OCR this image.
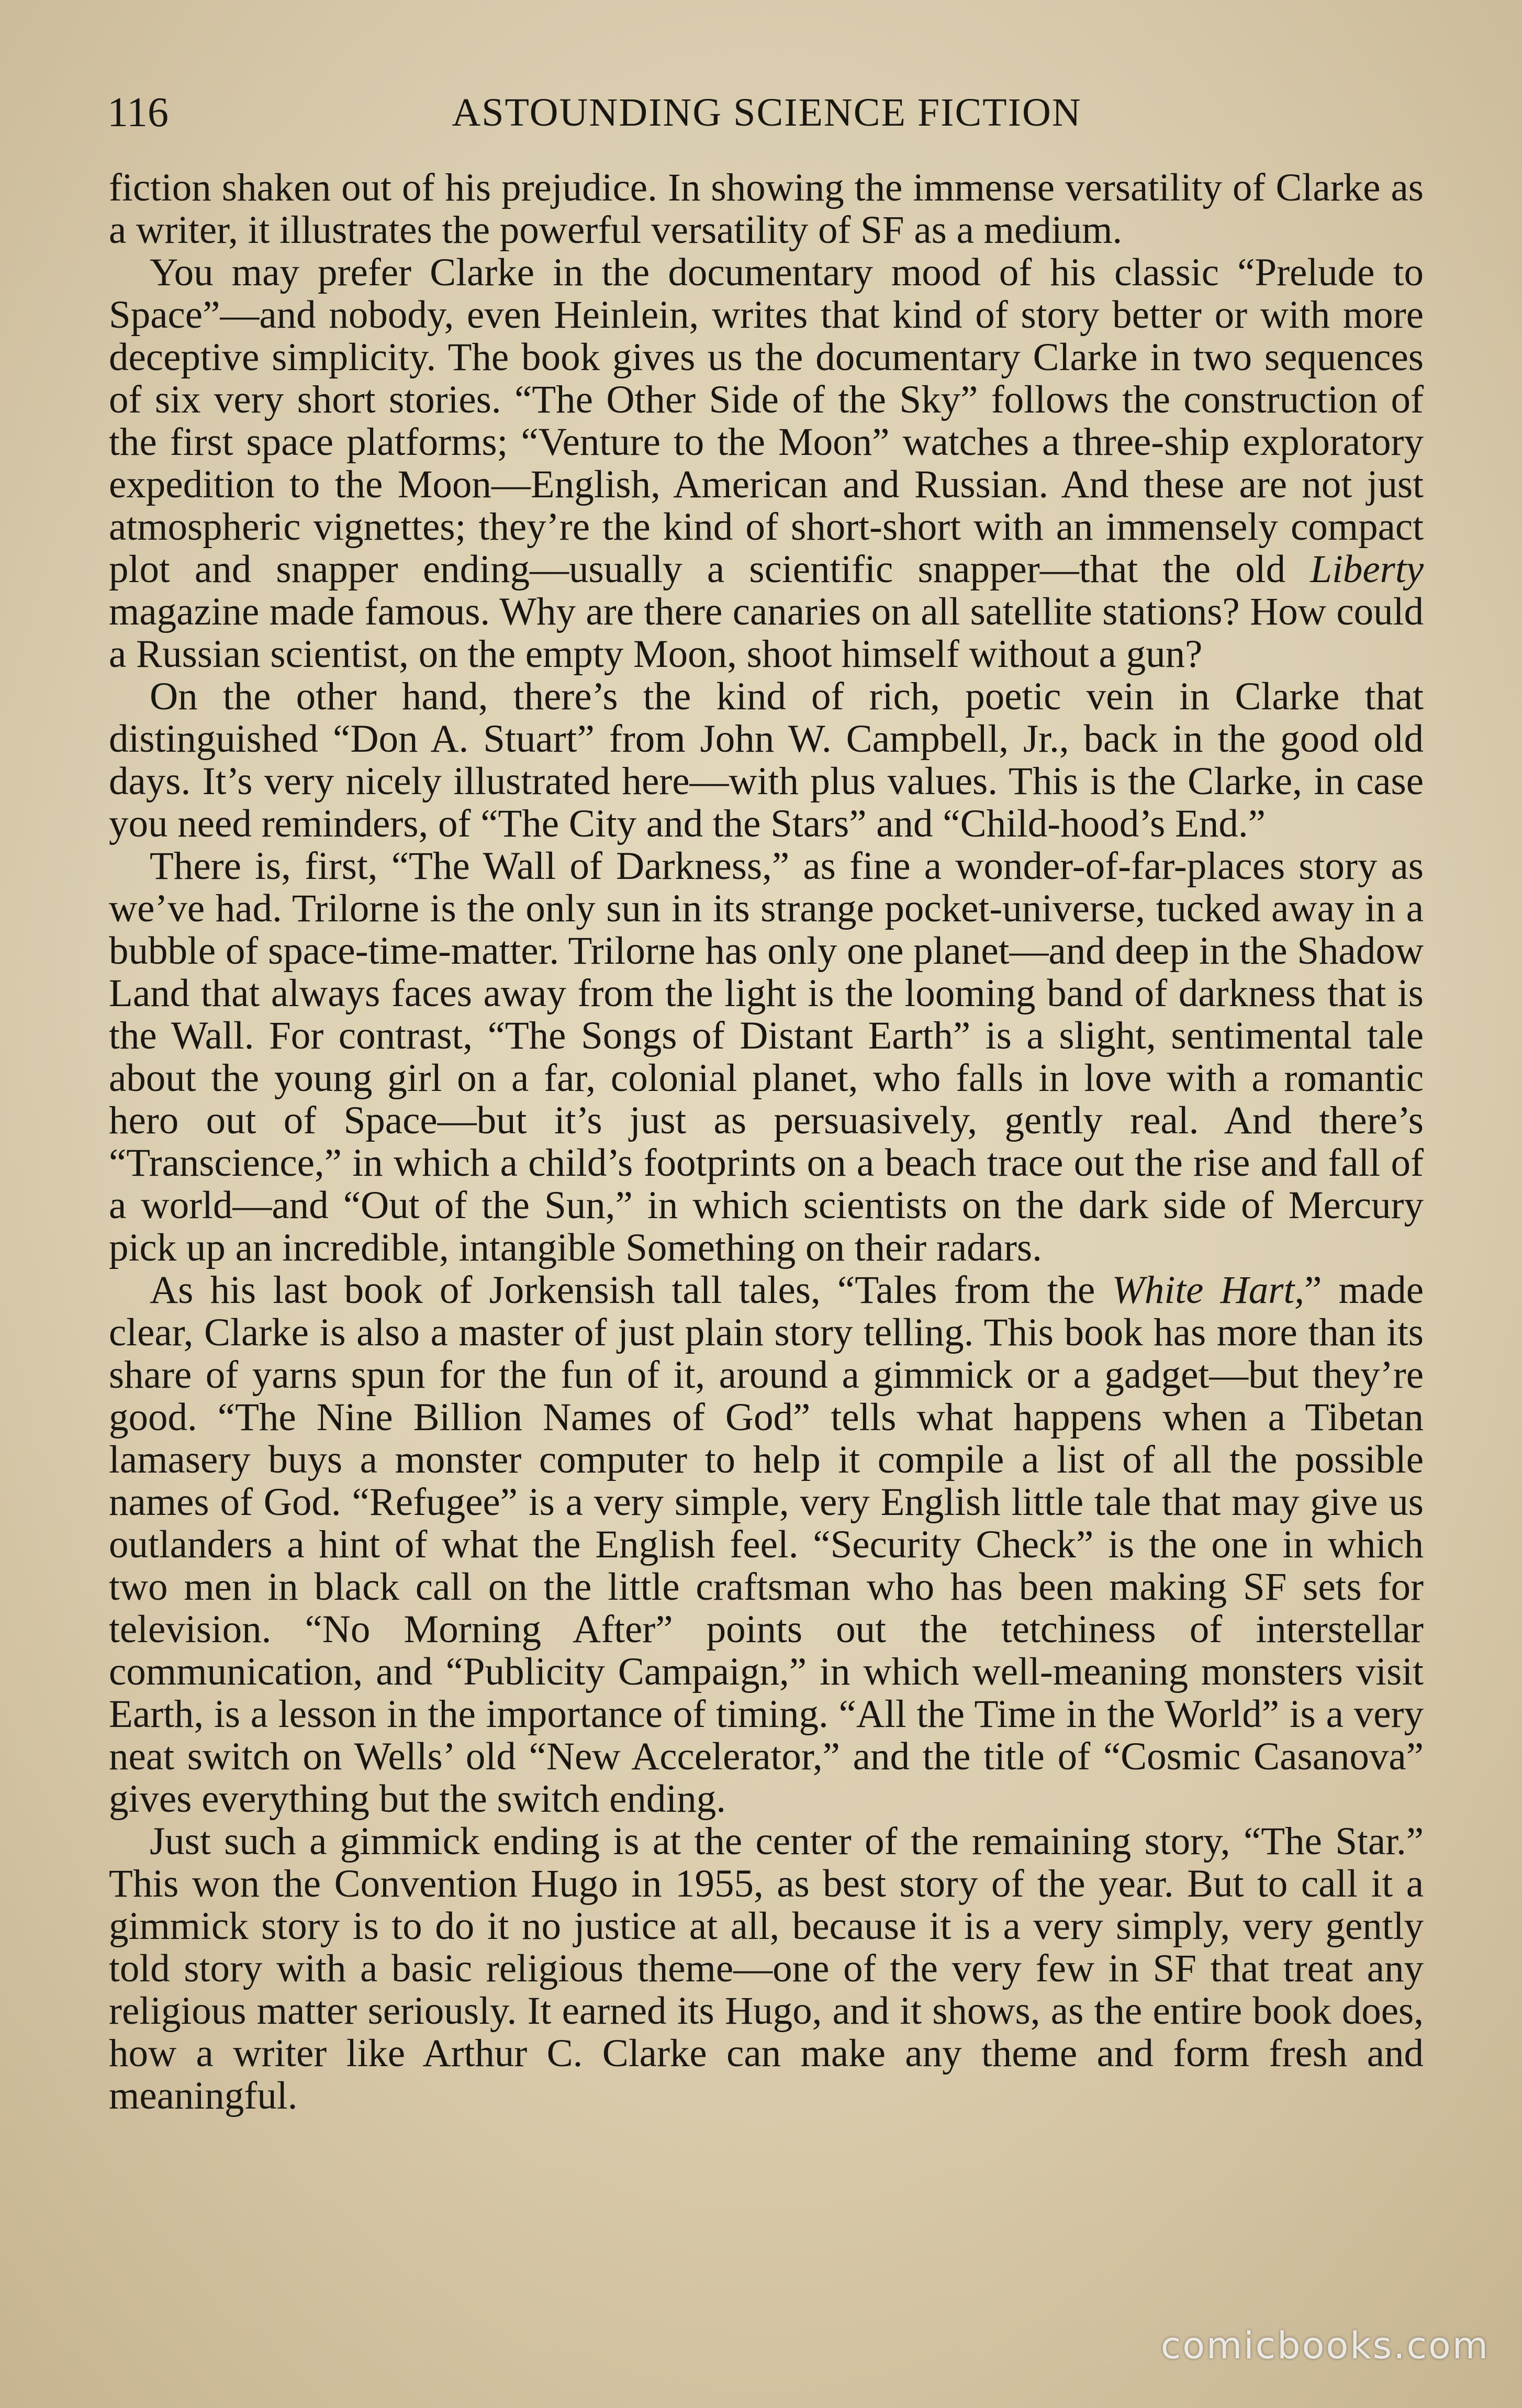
116	ASTOUNDING SCIENCE FICTION

fiction shaken out of his prejudice. In showing the immense versatility of Clarke as a writer, it illustrates the powerful versatility of SF as a medium.

You may prefer Clarke in the documentary mood of his classic “Prelude to Space”—and nobody, even Heinlein, writes that kind of story better or with more deceptive simplicity. The book gives us the documentary Clarke in two sequences of six very short stories. “The Other Side of the Sky” follows the construction of the first space platforms; “Venture to the Moon” watches a three-ship exploratory expedition to the Moon—English, American and Russian. And these are not just atmospheric vignettes; they’re the kind of short-short with an immensely compact plot and snapper ending—usually a scientific snapper—that the old Liberty magazine made famous. Why are there canaries on all satellite stations? How could a Russian scientist, on the empty Moon, shoot himself without a gun?

On the other hand, there’s the kind of rich, poetic vein in Clarke that distinguished “Don A. Stuart” from John W. Campbell, Jr., back in the good old days. It’s very nicely illustrated here—with plus values. This is the Clarke, in case you need reminders, of “The City and the Stars” and “Child-hood’s End.”

There is, first, “The Wall of Darkness,” as fine a wonder-of-far-places story as we’ve had. Trilorne is the only sun in its strange pocket-universe, tucked away in a bubble of space-time-matter. Trilorne has only one planet—and deep in the Shadow Land that always faces away from the light is the looming band of darkness that is the Wall. For contrast, “The Songs of Distant Earth” is a slight, sentimental tale about the young girl on a far, colonial planet, who falls in love with a romantic hero out of Space—but it’s just as persuasively, gently real. And there’s “Transcience,” in which a child’s footprints on a beach trace out the rise and fall of a world—and “Out of the Sun,” in which scientists on the dark side of Mercury pick up an incredible, intangible Something on their radars.

As his last book of Jorkensish tall tales, “Tales from the White Hart,” made clear, Clarke is also a master of just plain story telling. This book has more than its share of yarns spun for the fun of it, around a gimmick or a gadget—but they’re good. “The Nine Billion Names of God” tells what happens when a Tibetan lamasery buys a monster computer to help it compile a list of all the possible names of God. “Refugee” is a very simple, very English little tale that may give us outlanders a hint of what the English feel. “Security Check” is the one in which two men in black call on the little craftsman who has been making SF sets for television. “No Morning After” points out the tetchiness of interstellar communication, and “Publicity Campaign,” in which well-meaning monsters visit Earth, is a lesson in the importance of timing. “All the Time in the World” is a very neat switch on Wells’ old “New Accelerator,” and the title of “Cosmic Casanova” gives everything but the switch ending.

Just such a gimmick ending is at the center of the remaining story, “The Star.” This won the Convention Hugo in 1955, as best story of the year. But to call it a gimmick story is to do it no justice at all, because it is a very simply, very gently told story with a basic religious theme—one of the very few in SF that treat any religious matter seriously. It earned its Hugo, and it shows, as the entire book does, how a writer like Arthur C. Clarke can make any theme and form fresh and meaningful.

comicbooks.com
